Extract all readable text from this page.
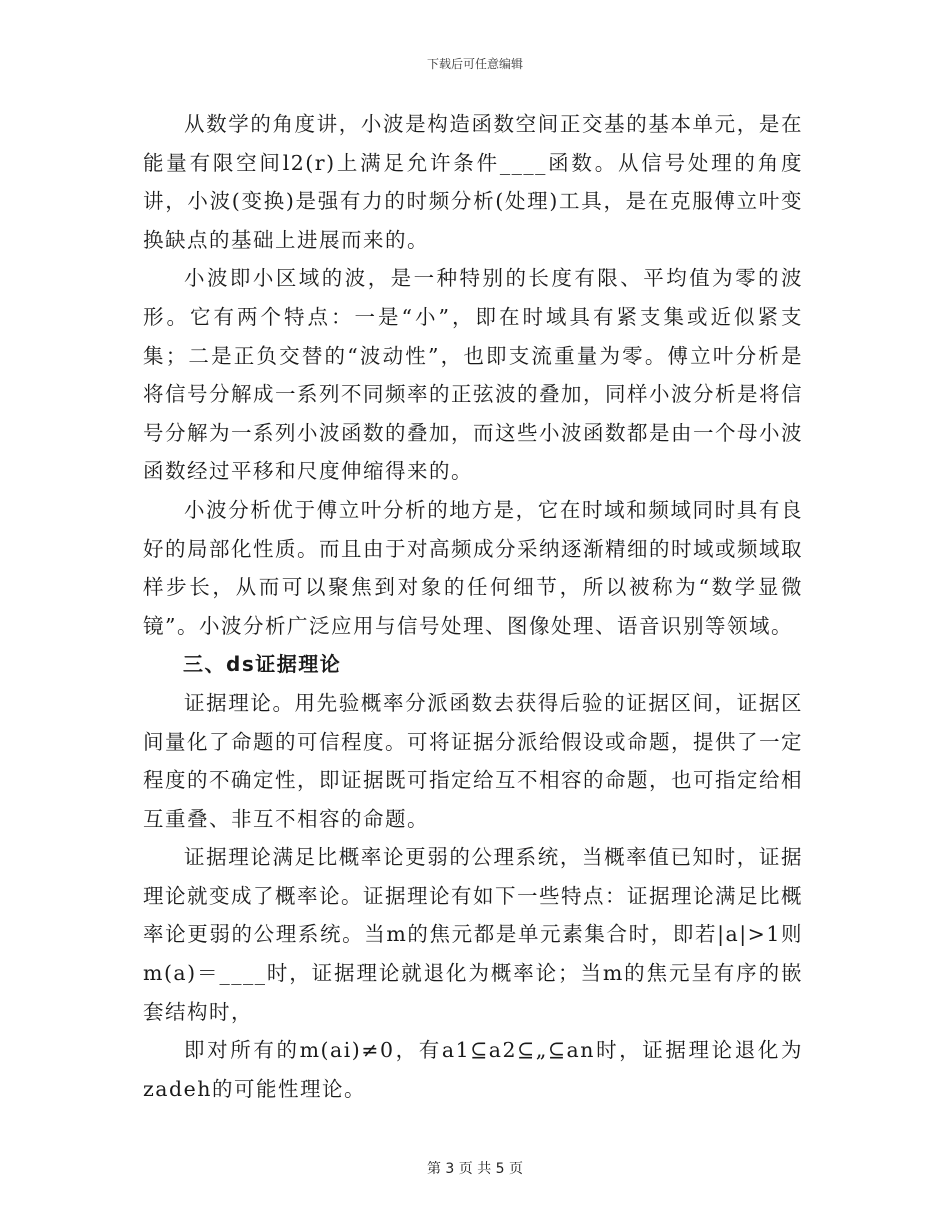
下载后可任意编辑

从数学的角度讲，小波是构造函数空间正交基的基本单元，是在能量有限空间l2(r)上满足允许条件____函数。从信号处理的角度讲，小波(变换)是强有力的时频分析(处理)工具，是在克服傅立叶变换缺点的基础上进展而来的。

小波即小区域的波，是一种特别的长度有限、平均值为零的波形。它有两个特点：一是“小”，即在时域具有紧支集或近似紧支集；二是正负交替的“波动性”，也即支流重量为零。傅立叶分析是将信号分解成一系列不同频率的正弦波的叠加，同样小波分析是将信号分解为一系列小波函数的叠加，而这些小波函数都是由一个母小波函数经过平移和尺度伸缩得来的。

小波分析优于傅立叶分析的地方是，它在时域和频域同时具有良好的局部化性质。而且由于对高频成分采纳逐渐精细的时域或频域取样步长，从而可以聚焦到对象的任何细节，所以被称为“数学显微镜”。小波分析广泛应用与信号处理、图像处理、语音识别等领域。

三、ds证据理论

证据理论。用先验概率分派函数去获得后验的证据区间，证据区间量化了命题的可信程度。可将证据分派给假设或命题，提供了一定程度的不确定性，即证据既可指定给互不相容的命题，也可指定给相互重叠、非互不相容的命题。

证据理论满足比概率论更弱的公理系统，当概率值已知时，证据理论就变成了概率论。证据理论有如下一些特点：证据理论满足比概率论更弱的公理系统。当m的焦元都是单元素集合时，即若|a|>1则m(a)＝____时，证据理论就退化为概率论；当m的焦元呈有序的嵌套结构时，

即对所有的m(ai)≠0，有a1⊆a2⊆„⊆an时，证据理论退化为zadeh的可能性理论。

第 3 页 共 5 页
